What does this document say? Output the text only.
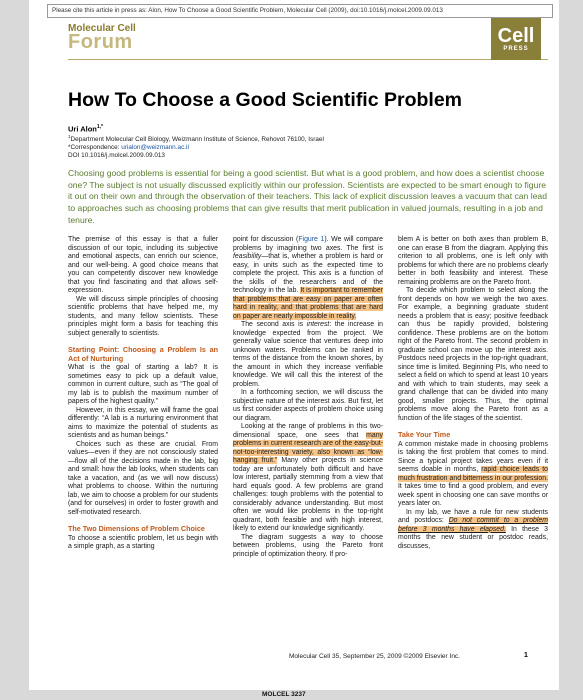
Please cite this article in press as: Alon, How To Choose a Good Scientific Problem, Molecular Cell (2009), doi:10.1016/j.molcel.2009.09.013
Molecular Cell
Forum	Cell
PRESS
How To Choose a Good Scientific Problem
Uri Alon$^{1,*}$
$^1$Department Molecular Cell Biology, Weizmann Institute of Science, Rehovot 76100, Israel
*Correspondence: urialon@weizmann.ac.il
DOI 10.1016/j.molcel.2009.09.013
Choosing good problems is essential for being a good scientist. But what is a good problem, and how does a scientist choose one? The subject is not usually discussed explicitly within our profession. Scientists are expected to be smart enough to figure it out on their own and through the observation of their teachers. This lack of explicit discussion leaves a vacuum that can lead to approaches such as choosing problems that can give results that merit publication in valued journals, resulting in a job and tenure.

The premise of this essay is that a fuller discussion of our topic, including its subjective and emotional aspects, can enrich our science, and our well-being. A good choice means that you can competently discover new knowledge that you find fascinating and that allows self-expression.

We will discuss simple principles of choosing scientific problems that have helped me, my students, and many fellow scientists. These principles might form a basis for teaching this subject generally to scientists.

Starting Point: Choosing a Problem Is an Act of Nurturing

What is the goal of starting a lab? It is sometimes easy to pick up a default value, common in current culture, such as “The goal of my lab is to publish the maximum number of papers of the highest quality.”

However, in this essay, we will frame the goal differently: “A lab is a nurturing environment that aims to maximize the potential of students as scientists and as human beings.”

Choices such as these are crucial. From values—even if they are not consciously stated—flow all of the decisions made in the lab, big and small: how the lab looks, when students can take a vacation, and (as we will now discuss) what problems to choose. Within the nurturing lab, we aim to choose a problem for our students (and for ourselves) in order to foster growth and self-motivated research.

The Two Dimensions of Problem Choice

To choose a scientific problem, let us begin with a simple graph, as a starting

point for discussion (Figure 1). We will compare problems by imagining two axes. The first is feasibility—that is, whether a problem is hard or easy, in units such as the expected time to complete the project. This axis is a function of the skills of the researchers and of the technology in the lab. It is important to remember that problems that are easy on paper are often hard in reality, and that problems that are hard on paper are nearly impossible in reality.

The second axis is interest: the increase in knowledge expected from the project. We generally value science that ventures deep into unknown waters. Problems can be ranked in terms of the distance from the known shores, by the amount in which they increase verifiable knowledge. We will call this the interest of the problem.

In a forthcoming section, we will discuss the subjective nature of the interest axis. But first, let us first consider aspects of problem choice using our diagram.

Looking at the range of problems in this two-dimensional space, one sees that many problems in current research are of the easy-but-not-too-interesting variety, also known as “low-hanging fruit.” Many other projects in science today are unfortunately both difficult and have low interest, partially stemming from a view that hard equals good. A few problems are grand challenges: tough problems with the potential to considerably advance understanding. But most often we would like problems in the top-right quadrant, both feasible and with high interest, likely to extend our knowledge significantly.

The diagram suggests a way to choose between problems, using the Pareto front principle of optimization theory. If pro-

blem A is better on both axes than problem B, one can erase B from the diagram. Applying this criterion to all problems, one is left only with problems for which there are no problems clearly better in both feasibility and interest. These remaining problems are on the Pareto front.

To decide which problem to select along the front depends on how we weigh the two axes. For example, a beginning graduate student needs a problem that is easy; positive feedback can thus be rapidly provided, bolstering confidence. These problems are on the bottom right of the Pareto front. The second problem in graduate school can move up the interest axis. Postdocs need projects in the top-right quadrant, since time is limited. Beginning PIs, who need to select a field on which to spend at least 10 years and with which to train students, may seek a grand challenge that can be divided into many good, smaller projects. Thus, the optimal problems move along the Pareto front as a function of the life stages of the scientist.

Take Your Time

A common mistake made in choosing problems is taking the first problem that comes to mind. Since a typical project takes years even if it seems doable in months, rapid choice leads to much frustration and bitterness in our profession. It takes time to find a good problem, and every week spent in choosing one can save months or years later on.

In my lab, we have a rule for new students and postdocs: Do not commit to a problem before 3 months have elapsed. In these 3 months the new student or postdoc reads, discusses,

Molecular Cell 35, September 25, 2009 ©2009 Elsevier Inc.	1
MOLCEL 3237
